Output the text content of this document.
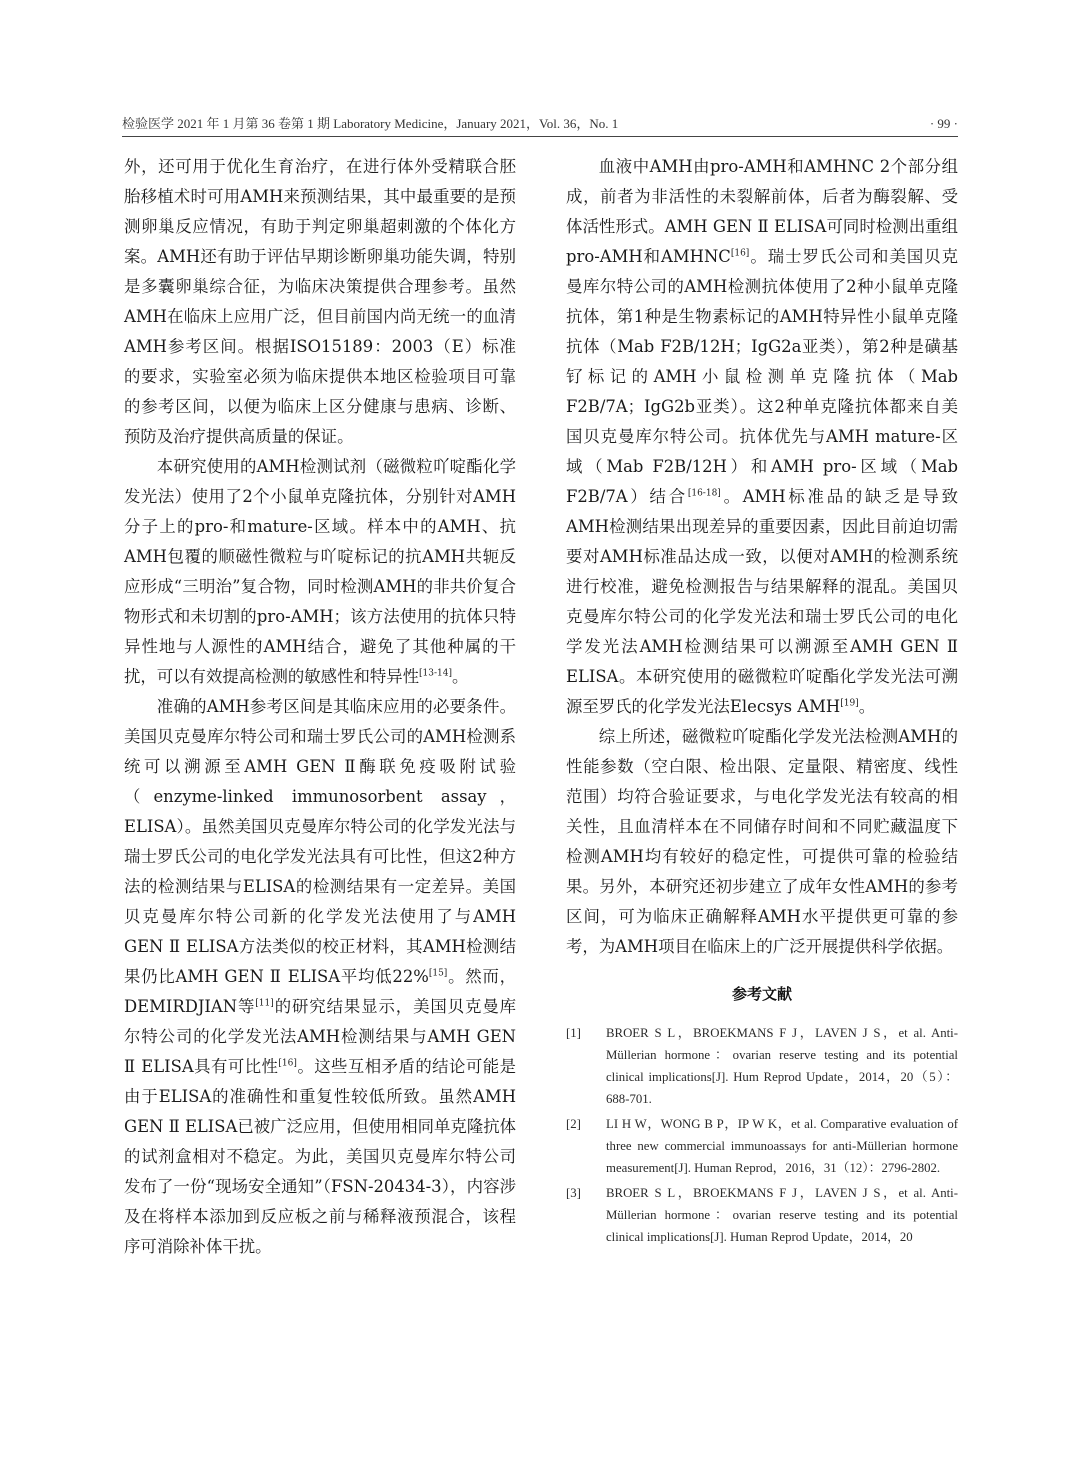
检验医学 2021 年 1 月第 36 卷第 1 期 Laboratory Medicine，January 2021，Vol. 36，No. 1	· 99 ·

外，还可用于优化生育治疗，在进行体外受精联合胚胎移植术时可用AMH来预测结果，其中最重要的是预测卵巢反应情况，有助于判定卵巢超刺激的个体化方案。AMH还有助于评估早期诊断卵巢功能失调，特别是多囊卵巢综合征，为临床决策提供合理参考。虽然AMH在临床上应用广泛，但目前国内尚无统一的血清AMH参考区间。根据ISO15189：2003（E）标准的要求，实验室必须为临床提供本地区检验项目可靠的参考区间，以便为临床上区分健康与患病、诊断、预防及治疗提供高质量的保证。

本研究使用的AMH检测试剂（磁微粒吖啶酯化学发光法）使用了2个小鼠单克隆抗体，分别针对AMH分子上的pro-和mature-区域。样本中的AMH、抗AMH包覆的顺磁性微粒与吖啶标记的抗AMH共轭反应形成“三明治”复合物，同时检测AMH的非共价复合物形式和未切割的pro-AMH；该方法使用的抗体只特异性地与人源性的AMH结合，避免了其他种属的干扰，可以有效提高检测的敏感性和特异性[13-14]。

准确的AMH参考区间是其临床应用的必要条件。美国贝克曼库尔特公司和瑞士罗氏公司的AMH检测系统可以溯源至AMH GEN Ⅱ酶联免疫吸附试验（enzyme-linked immunosorbent assay，ELISA）。虽然美国贝克曼库尔特公司的化学发光法与瑞士罗氏公司的电化学发光法具有可比性，但这2种方法的检测结果与ELISA的检测结果有一定差异。美国贝克曼库尔特公司新的化学发光法使用了与AMH GEN Ⅱ ELISA方法类似的校正材料，其AMH检测结果仍比AMH GEN Ⅱ ELISA平均低22%[15]。然而，DEMIRDJIAN等[11]的研究结果显示，美国贝克曼库尔特公司的化学发光法AMH检测结果与AMH GEN Ⅱ ELISA具有可比性[16]。这些互相矛盾的结论可能是由于ELISA的准确性和重复性较低所致。虽然AMH GEN Ⅱ ELISA已被广泛应用，但使用相同单克隆抗体的试剂盒相对不稳定。为此，美国贝克曼库尔特公司发布了一份“现场安全通知”（FSN-20434-3），内容涉及在将样本添加到反应板之前与稀释液预混合，该程序可消除补体干扰。

血液中AMH由pro-AMH和AMHNC 2个部分组成，前者为非活性的未裂解前体，后者为酶裂解、受体活性形式。AMH GEN Ⅱ ELISA可同时检测出重组pro-AMH和AMHNC[16]。瑞士罗氏公司和美国贝克曼库尔特公司的AMH检测抗体使用了2种小鼠单克隆抗体，第1种是生物素标记的AMH特异性小鼠单克隆抗体（Mab F2B/12H；IgG2a亚类），第2种是磺基钌标记的AMH小鼠检测单克隆抗体（Mab F2B/7A；IgG2b亚类）。这2种单克隆抗体都来自美国贝克曼库尔特公司。抗体优先与AMH mature-区域（Mab F2B/12H）和AMH pro-区域（Mab F2B/7A）结合[16-18]。AMH标准品的缺乏是导致AMH检测结果出现差异的重要因素，因此目前迫切需要对AMH标准品达成一致，以便对AMH的检测系统进行校准，避免检测报告与结果解释的混乱。美国贝克曼库尔特公司的化学发光法和瑞士罗氏公司的电化学发光法AMH检测结果可以溯源至AMH GEN Ⅱ ELISA。本研究使用的磁微粒吖啶酯化学发光法可溯源至罗氏的化学发光法Elecsys AMH[19]。

综上所述，磁微粒吖啶酯化学发光法检测AMH的性能参数（空白限、检出限、定量限、精密度、线性范围）均符合验证要求，与电化学发光法有较高的相关性，且血清样本在不同储存时间和不同贮藏温度下检测AMH均有较好的稳定性，可提供可靠的检验结果。另外，本研究还初步建立了成年女性AMH的参考区间，可为临床正确解释AMH水平提供更可靠的参考，为AMH项目在临床上的广泛开展提供科学依据。

参考文献
[1]	BROER S L，BROEKMANS F J，LAVEN J S，et al. Anti-Müllerian hormone：ovarian reserve testing and its potential clinical implications[J]. Hum Reprod Update，2014，20（5）：688-701.
[2]	LI H W，WONG B P，IP W K，et al. Comparative evaluation of three new commercial immunoassays for anti-Müllerian hormone measurement[J]. Human Reprod，2016，31（12）：2796-2802.
[3]	BROER S L，BROEKMANS F J，LAVEN J S，et al. Anti-Müllerian hormone：ovarian reserve testing and its potential clinical implications[J]. Human Reprod Update，2014，20
